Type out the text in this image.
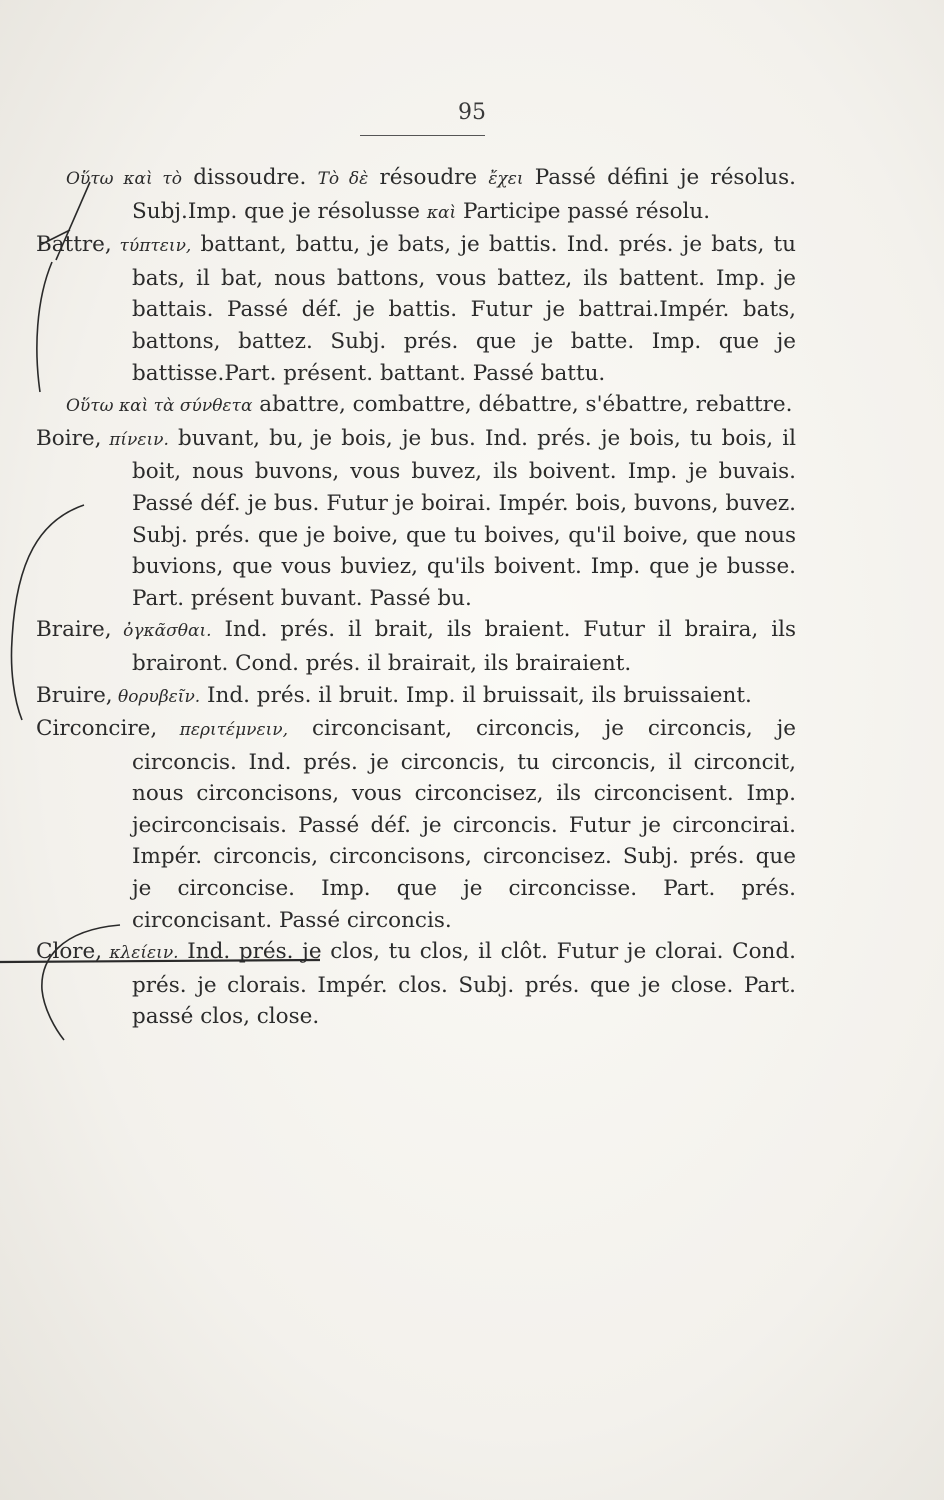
95

Οὕτω καὶ τὸ dissoudre. Τὸ δὲ résoudre ἔχει Passé défini je résolus. Subj.Imp. que je résolusse καὶ Participe passé résolu.

Battre, τύπτειν, battant, battu, je bats, je battis. Ind. prés. je bats, tu bats, il bat, nous battons, vous battez, ils battent. Imp. je battais. Passé déf. je battis. Futur je battrai.Impér. bats, battons, battez. Subj. prés. que je batte. Imp. que je battisse.Part. présent. battant. Passé battu.

Οὕτω καὶ τὰ σύνθετα abattre, combattre, débattre, s'ébattre, rebattre.

Boire, πίνειν. buvant, bu, je bois, je bus. Ind. prés. je bois, tu bois, il boit, nous buvons, vous buvez, ils boivent. Imp. je buvais. Passé déf. je bus. Futur je boirai. Impér. bois, buvons, buvez. Subj. prés. que je boive, que tu boives, qu'il boive, que nous buvions, que vous buviez, qu'ils boivent. Imp. que je busse. Part. présent buvant. Passé bu.

Braire, ὀγκᾶσθαι. Ind. prés. il brait, ils braient. Futur il braira, ils brairont. Cond. prés. il brairait, ils brairaient.

Bruire, θορυβεῖν. Ind. prés. il bruit. Imp. il bruissait, ils bruissaient.

Circoncire, περιτέμνειν, circoncisant, circoncis, je circoncis, je circoncis. Ind. prés. je circoncis, tu circoncis, il circoncit, nous circoncisons, vous circoncisez, ils circoncisent. Imp. jecirconcisais. Passé déf. je circoncis. Futur je circoncirai. Impér. circoncis, circoncisons, circoncisez. Subj. prés. que je circoncise. Imp. que je circoncisse. Part. prés. circoncisant. Passé circoncis.

Clore, κλείειν. Ind. prés. je clos, tu clos, il clôt. Futur je clorai. Cond. prés. je clorais. Impér. clos. Subj. prés. que je close. Part. passé clos, close.
